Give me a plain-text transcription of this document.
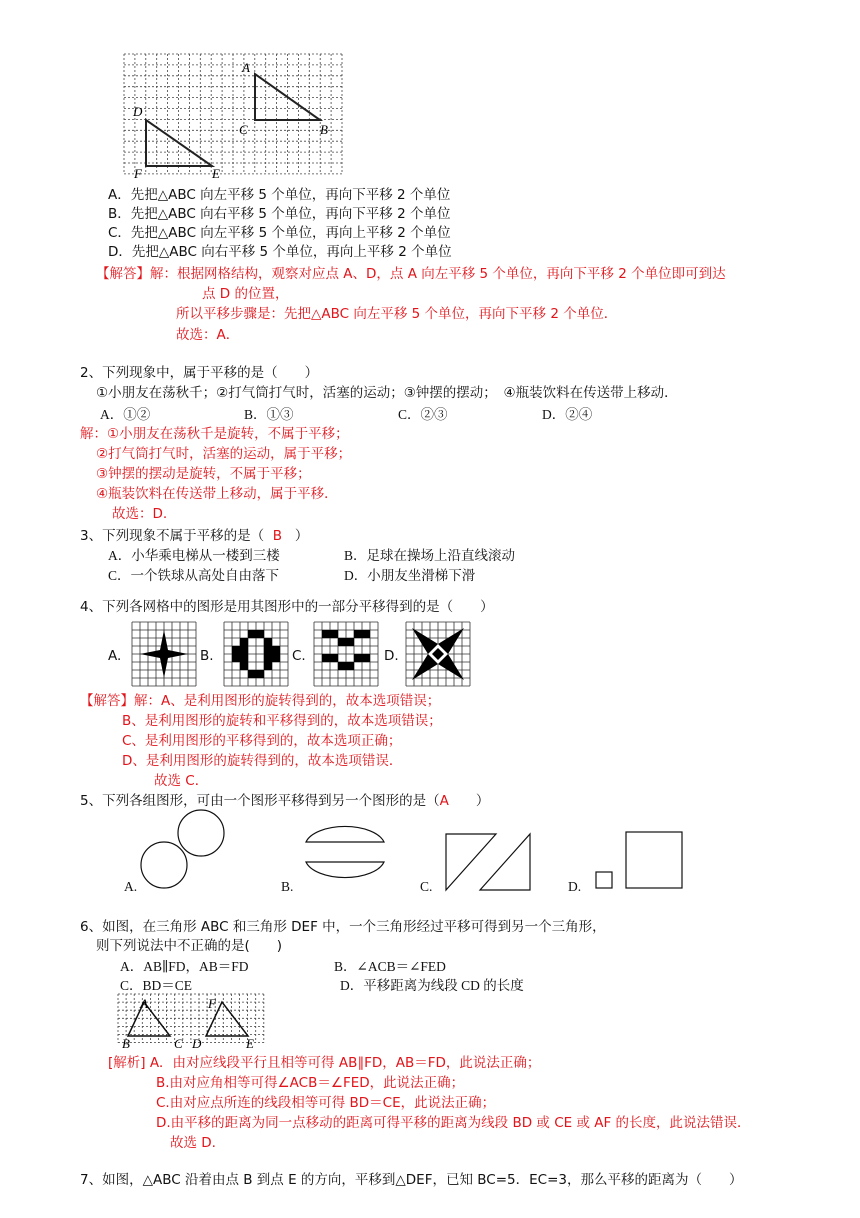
A
B
C
D
E
F
A．先把△ABC 向左平移 5 个单位，再向下平移 2 个单位
B．先把△ABC 向右平移 5 个单位，再向下平移 2 个单位
C．先把△ABC 向左平移 5 个单位，再向上平移 2 个单位
D．先把△ABC 向右平移 5 个单位，再向上平移 2 个单位
【解答】解：根据网格结构，观察对应点 A、D，点 A 向左平移 5 个单位，再向下平移 2 个单位即可到达
点 D 的位置，
所以平移步骤是：先把△ABC 向左平移 5 个单位，再向下平移 2 个单位．
故选：A．
2、下列现象中，属于平移的是（　　）
①小朋友在荡秋千；②打气筒打气时，活塞的运动；③钟摆的摆动；　④瓶装饮料在传送带上移动．
A．①②	B．①③	C．②③	D．②④
解：①小朋友在荡秋千是旋转，不属于平移；
②打气筒打气时，活塞的运动，属于平移；
③钟摆的摆动是旋转，不属于平移；
④瓶装饮料在传送带上移动，属于平移．
故选：D.
3、下列现象不属于平移的是（ B ）
A．小华乘电梯从一楼到三楼	B．足球在操场上沿直线滚动
C．一个铁球从高处自由落下	D．小朋友坐滑梯下滑
4、下列各网格中的图形是用其图形中的一部分平移得到的是（　　）
A.	B.	C.	D.
【解答】解：A、是利用图形的旋转得到的，故本选项错误；
B、是利用图形的旋转和平移得到的，故本选项错误；
C、是利用图形的平移得到的，故本选项正确；
D、是利用图形的旋转得到的，故本选项错误．
故选 C．
5、下列各组图形，可由一个图形平移得到另一个图形的是（A　　）
A.	B.	C.	D.
6、如图，在三角形 ABC 和三角形 DEF 中，一个三角形经过平移可得到另一个三角形，
则下列说法中不正确的是(　　)
A．AB∥FD，AB＝FD	B．∠ACB＝∠FED
C．BD＝CE	D．平移距离为线段 CD 的长度
A	F
B	C D	E
[解析] A．由对应线段平行且相等可得 AB∥FD，AB＝FD，此说法正确；
B.由对应角相等可得∠ACB＝∠FED，此说法正确；
C.由对应点所连的线段相等可得 BD＝CE，此说法正确；
D.由平移的距离为同一点移动的距离可得平移的距离为线段 BD 或 CE 或 AF 的长度，此说法错误．
故选 D.
7、如图，△ABC 沿着由点 B 到点 E 的方向，平移到△DEF，已知 BC=5．EC=3，那么平移的距离为（　　）
